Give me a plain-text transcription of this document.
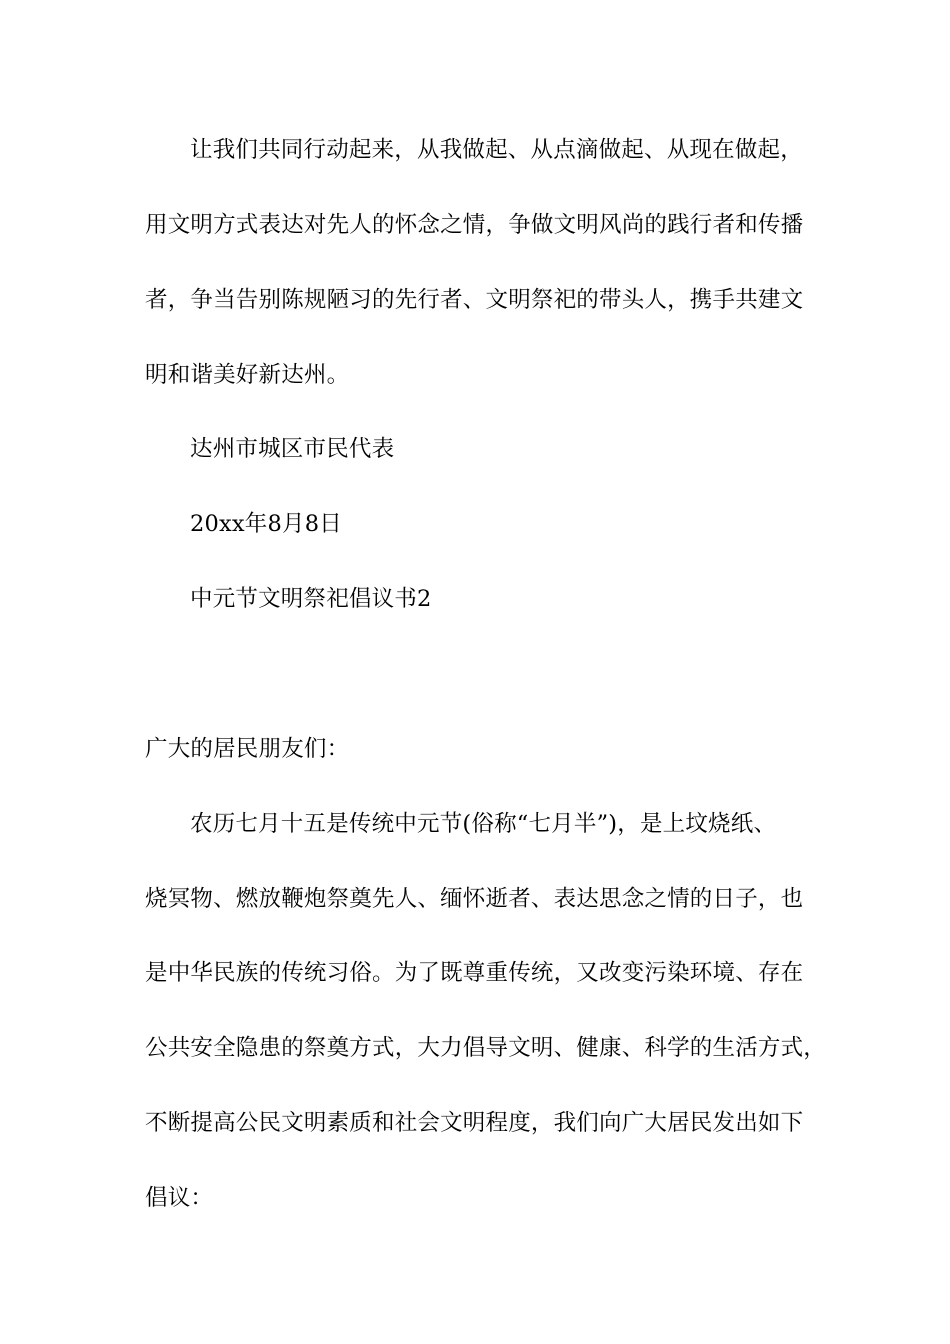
让我们共同行动起来，从我做起、从点滴做起、从现在做起，
用文明方式表达对先人的怀念之情，争做文明风尚的践行者和传播
者，争当告别陈规陋习的先行者、文明祭祀的带头人，携手共建文
明和谐美好新达州。
达州市城区市民代表
20xx年8月8日
中元节文明祭祀倡议书2
广大的居民朋友们：
农历七月十五是传统中元节(俗称“七月半”)，是上坟烧纸、
烧冥物、燃放鞭炮祭奠先人、缅怀逝者、表达思念之情的日子，也
是中华民族的传统习俗。为了既尊重传统，又改变污染环境、存在
公共安全隐患的祭奠方式，大力倡导文明、健康、科学的生活方式，
不断提高公民文明素质和社会文明程度，我们向广大居民发出如下
倡议：
